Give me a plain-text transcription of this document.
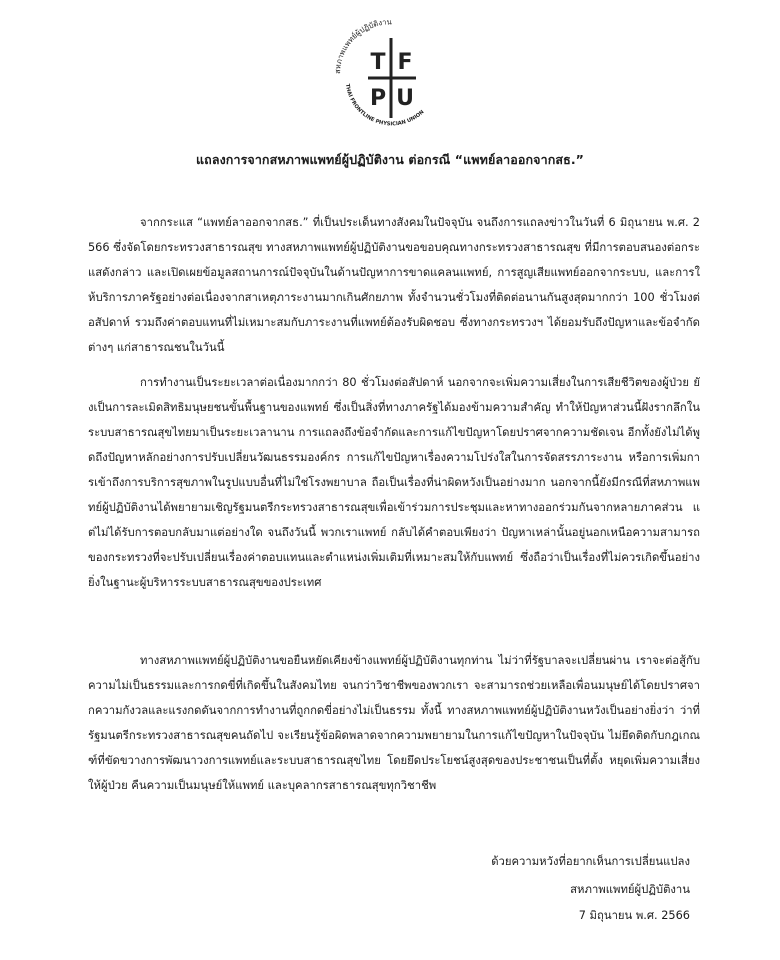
สหภาพแพทย์ผู้ปฏิบัติงาน
THAI FRONTLINE PHYSICIAN UNION
T F
P U
แถลงการจากสหภาพแพทย์ผู้ปฏิบัติงาน ต่อกรณี “แพทย์ลาออกจากสธ.”

จากกระแส “แพทย์ลาออกจากสธ.” ที่เป็นประเด็นทางสังคมในปัจจุบัน จนถึงการแถลงข่าวในวันที่ 6 มิถุนายน พ.ศ. 2566 ซึ่งจัดโดยกระทรวงสาธารณสุข ทางสหภาพแพทย์ผู้ปฏิบัติงานขอขอบคุณทางกระทรวงสาธารณสุข ที่มีการตอบสนองต่อกระแสดังกล่าว และเปิดเผยข้อมูลสถานการณ์ปัจจุบันในด้านปัญหาการขาดแคลนแพทย์, การสูญเสียแพทย์ออกจากระบบ, และการให้บริการภาครัฐอย่างต่อเนื่องจากสาเหตุภาระงานมากเกินศักยภาพ ทั้งจำนวนชั่วโมงที่ติดต่อนานกันสูงสุดมากกว่า 100 ชั่วโมงต่อสัปดาห์ รวมถึงค่าตอบแทนที่ไม่เหมาะสมกับภาระงานที่แพทย์ต้องรับผิดชอบ ซึ่งทางกระทรวงฯ ได้ยอมรับถึงปัญหาและข้อจำกัดต่างๆ แก่สาธารณชนในวันนี้

การทำงานเป็นระยะเวลาต่อเนื่องมากกว่า 80 ชั่วโมงต่อสัปดาห์ นอกจากจะเพิ่มความเสี่ยงในการเสียชีวิตของผู้ป่วย ยังเป็นการละเมิดสิทธิมนุษยชนขั้นพื้นฐานของแพทย์ ซึ่งเป็นสิ่งที่ทางภาครัฐได้มองข้ามความสำคัญ ทำให้ปัญหาส่วนนี้ฝังรากลึกในระบบสาธารณสุขไทยมาเป็นระยะเวลานาน การแถลงถึงข้อจำกัดและการแก้ไขปัญหาโดยปราศจากความชัดเจน อีกทั้งยังไม่ได้พูดถึงปัญหาหลักอย่างการปรับเปลี่ยนวัฒนธรรมองค์กร การแก้ไขปัญหาเรื่องความโปร่งใสในการจัดสรรภาระงาน หรือการเพิ่มการเข้าถึงการบริการสุขภาพในรูปแบบอื่นที่ไม่ใช่โรงพยาบาล ถือเป็นเรื่องที่น่าผิดหวังเป็นอย่างมาก นอกจากนี้ยังมีกรณีที่สหภาพแพทย์ผู้ปฏิบัติงานได้พยายามเชิญรัฐมนตรีกระทรวงสาธารณสุขเพื่อเข้าร่วมการประชุมและหาทางออกร่วมกันจากหลายภาคส่วน แต่ไม่ได้รับการตอบกลับมาแต่อย่างใด จนถึงวันนี้ พวกเราแพทย์ กลับได้คำตอบเพียงว่า ปัญหาเหล่านั้นอยู่นอกเหนือความสามารถของกระทรวงที่จะปรับเปลี่ยนเรื่องค่าตอบแทนและตำแหน่งเพิ่มเติมที่เหมาะสมให้กับแพทย์ ซึ่งถือว่าเป็นเรื่องที่ไม่ควรเกิดขึ้นอย่างยิ่งในฐานะผู้บริหารระบบสาธารณสุขของประเทศ

ทางสหภาพแพทย์ผู้ปฏิบัติงานขอยืนหยัดเคียงข้างแพทย์ผู้ปฏิบัติงานทุกท่าน ไม่ว่าที่รัฐบาลจะเปลี่ยนผ่าน เราจะต่อสู้กับความไม่เป็นธรรมและการกดขี่ที่เกิดขึ้นในสังคมไทย จนกว่าวิชาชีพของพวกเรา จะสามารถช่วยเหลือเพื่อนมนุษย์ได้โดยปราศจากความกังวลและแรงกดดันจากการทำงานที่ถูกกดขี่อย่างไม่เป็นธรรม ทั้งนี้ ทางสหภาพแพทย์ผู้ปฏิบัติงานหวังเป็นอย่างยิ่งว่า ว่าที่รัฐมนตรีกระทรวงสาธารณสุขคนถัดไป จะเรียนรู้ข้อผิดพลาดจากความพยายามในการแก้ไขปัญหาในปัจจุบัน ไม่ยึดติดกับกฎเกณฑ์ที่ขัดขวางการพัฒนาวงการแพทย์และระบบสาธารณสุขไทย โดยยึดประโยชน์สูงสุดของประชาชนเป็นที่ตั้ง หยุดเพิ่มความเสี่ยงให้ผู้ป่วย คืนความเป็นมนุษย์ให้แพทย์ และบุคลากรสาธารณสุขทุกวิชาชีพ

ด้วยความหวังที่อยากเห็นการเปลี่ยนแปลง
สหภาพแพทย์ผู้ปฏิบัติงาน
7 มิถุนายน พ.ศ. 2566
